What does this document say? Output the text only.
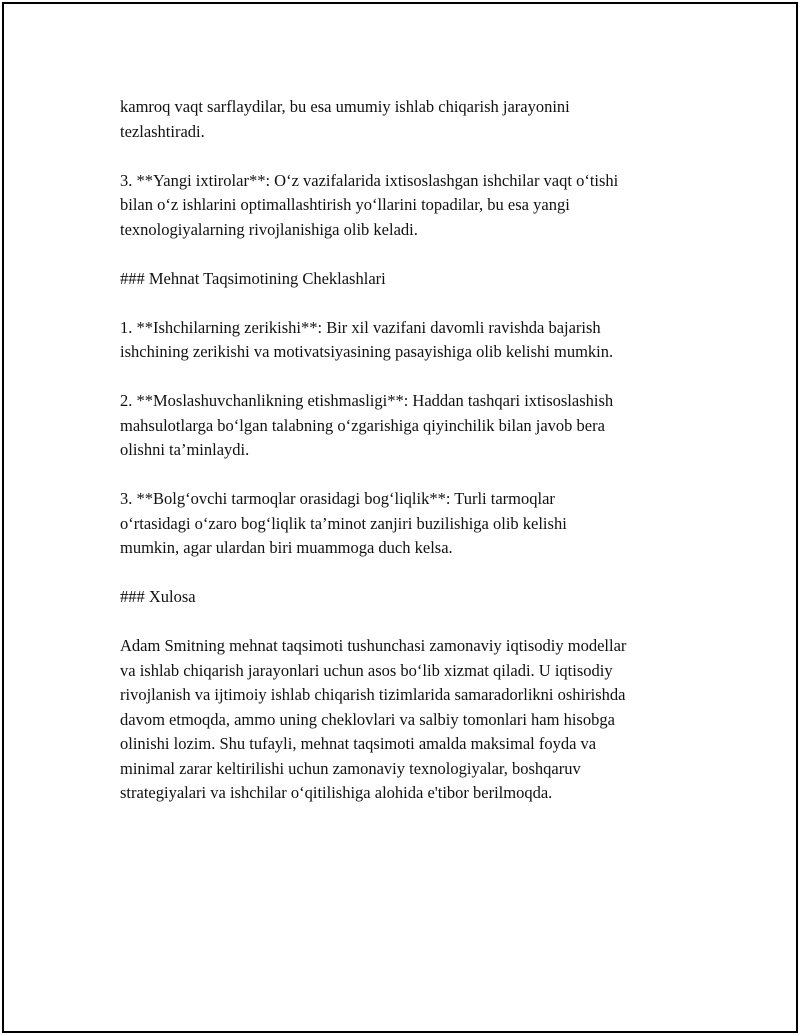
kamroq vaqt sarflaydilar, bu esa umumiy ishlab chiqarish jarayonini
tezlashtiradi.

3. **Yangi ixtirolar**: O‘z vazifalarida ixtisoslashgan ishchilar vaqt o‘tishi
bilan o‘z ishlarini optimallashtirish yo‘llarini topadilar, bu esa yangi
texnologiyalarning rivojlanishiga olib keladi.

### Mehnat Taqsimotining Cheklashlari

1. **Ishchilarning zerikishi**: Bir xil vazifani davomli ravishda bajarish
ishchining zerikishi va motivatsiyasining pasayishiga olib kelishi mumkin.

2. **Moslashuvchanlikning etishmasligi**: Haddan tashqari ixtisoslashish
mahsulotlarga bo‘lgan talabning o‘zgarishiga qiyinchilik bilan javob bera
olishni ta’minlaydi.

3. **Bolg‘ovchi tarmoqlar orasidagi bog‘liqlik**: Turli tarmoqlar
o‘rtasidagi o‘zaro bog‘liqlik ta’minot zanjiri buzilishiga olib kelishi
mumkin, agar ulardan biri muammoga duch kelsa.

### Xulosa

Adam Smitning mehnat taqsimoti tushunchasi zamonaviy iqtisodiy modellar
va ishlab chiqarish jarayonlari uchun asos bo‘lib xizmat qiladi. U iqtisodiy
rivojlanish va ijtimoiy ishlab chiqarish tizimlarida samaradorlikni oshirishda
davom etmoqda, ammo uning cheklovlari va salbiy tomonlari ham hisobga
olinishi lozim. Shu tufayli, mehnat taqsimoti amalda maksimal foyda va
minimal zarar keltirilishi uchun zamonaviy texnologiyalar, boshqaruv
strategiyalari va ishchilar o‘qitilishiga alohida e'tibor berilmoqda.
